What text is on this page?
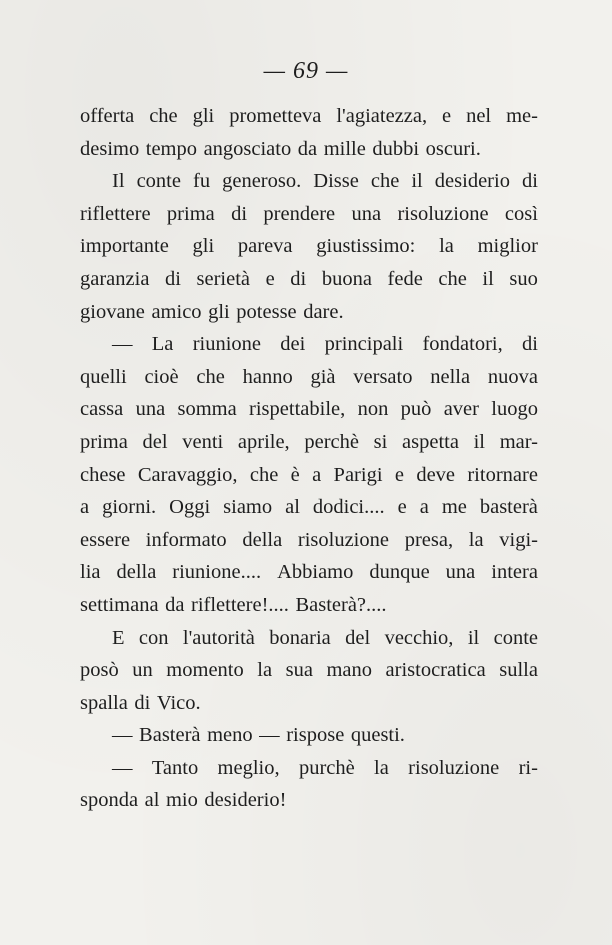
— 69 —
offerta che gli prometteva l'agiatezza, e nel me-
desimo tempo angosciato da mille dubbi oscuri.
Il conte fu generoso. Disse che il desiderio di
riflettere prima di prendere una risoluzione così
importante gli pareva giustissimo: la miglior
garanzia di serietà e di buona fede che il suo
giovane amico gli potesse dare.
— La riunione dei principali fondatori, di
quelli cioè che hanno già versato nella nuova
cassa una somma rispettabile, non può aver luogo
prima del venti aprile, perchè si aspetta il mar-
chese Caravaggio, che è a Parigi e deve ritornare
a giorni. Oggi siamo al dodici.... e a me basterà
essere informato della risoluzione presa, la vigi-
lia della riunione.... Abbiamo dunque una intera
settimana da riflettere!.... Basterà?....
E con l'autorità bonaria del vecchio, il conte
posò un momento la sua mano aristocratica sulla
spalla di Vico.
— Basterà meno — rispose questi.
— Tanto meglio, purchè la risoluzione ri-
sponda al mio desiderio!
